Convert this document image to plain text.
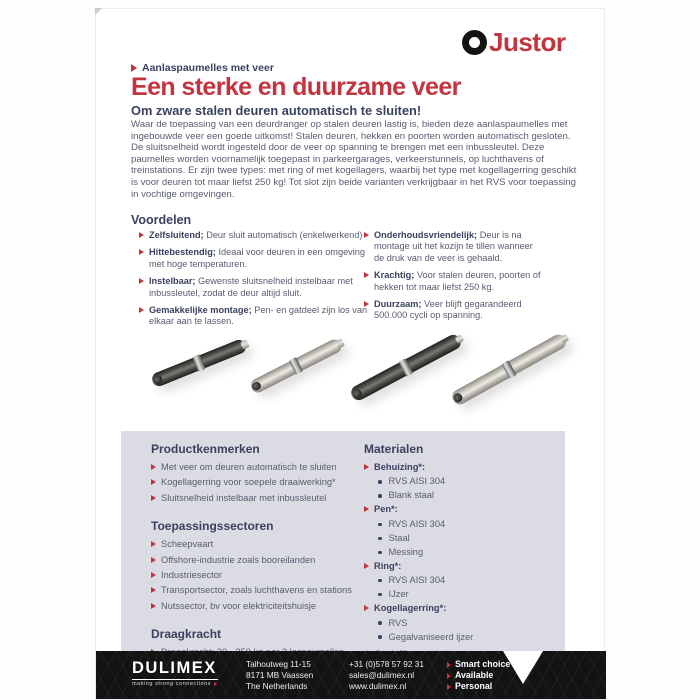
Justor
Aanlaspaumelles met veer
Een sterke en duurzame veer
Om zware stalen deuren automatisch te sluiten!
Waar de toepassing van een deurdranger op stalen deuren lastig is, bieden deze aanlaspaumelles met ingebouwde veer een goede uitkomst! Stalen deuren, hekken en poorten worden automatisch gesloten. De sluitsnelheid wordt ingesteld door de veer op spanning te brengen met een inbussleutel. Deze paumelles worden voornamelijk toegepast in parkeergarages, verkeerstunnels, op luchthavens of treinstations. Er zijn twee types: met ring of met kogellagers, waarbij het type met kogellagerring geschikt is voor deuren tot maar liefst 250 kg! Tot slot zijn beide varianten verkrijgbaar in het RVS voor toepassing in vochtige omgevingen.
Voordelen
Zelfsluitend; Deur sluit automatisch (enkelwerkend)
Hittebestendig; Ideaal voor deuren in een omgeving met hoge temperaturen.
Instelbaar; Gewenste sluitsnelheid instelbaar met inbussleutel, zodat de deur altijd sluit.
Gemakkelijke montage; Pen- en gatdeel zijn los van elkaar aan te lassen.
Onderhoudsvriendelijk; Deur is na montage uit het kozijn te tillen wanneer de druk van de veer is gehaald.
Krachtig; Voor stalen deuren, poorten of hekken tot maar liefst 250 kg.
Duurzaam; Veer blijft gegarandeerd 500.000 cycli op spanning.
Productkenmerken
Met veer om deuren automatisch te sluiten
Kogellagerring voor soepele draaiwerking*
Sluitsnelheid instelbaar met inbussleutel
Toepassingssectoren
Scheepvaart
Offshore-industrie zoals booreilanden
Industriesector
Transportsector, zoals luchthavens en stations
Nutssector, bv voor elektriciteitshuisje
Draagkracht
Materialen
Behuizing*:
RVS AISI 304
Blank staal
Pen*:
RVS AISI 304
Staal
Messing
Ring*:
RVS AISI 304
IJzer
Kogellagerring*:
RVS
Gegalvaniseerd ijzer
DULIMEX
making strong connections
Talhoutweg 11-15
8171 MB Vaassen
The Netherlands
+31 (0)578 57 92 31
sales@dulimex.nl
www.dulimex.nl
Smart choice
Available
Personal
